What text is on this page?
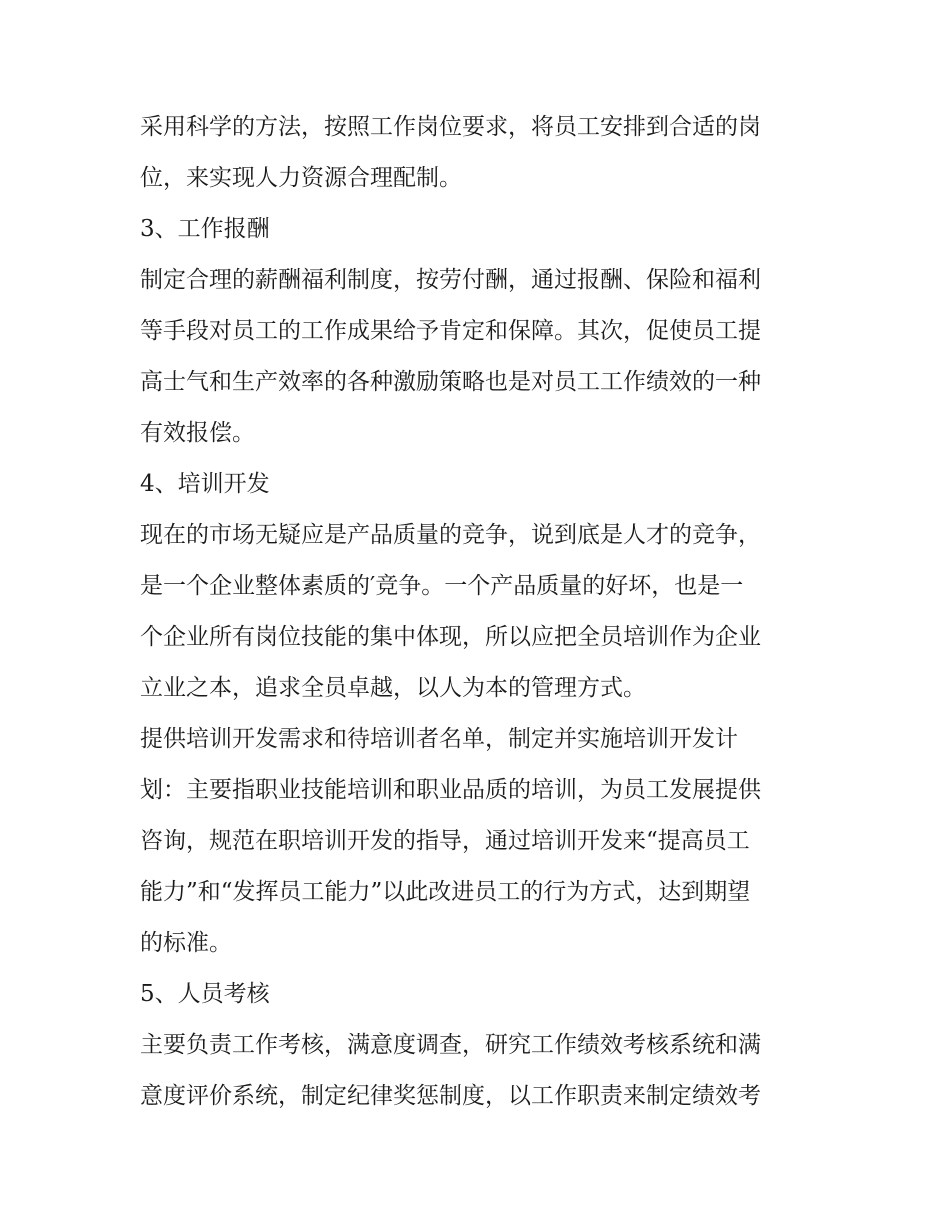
采用科学的方法，按照工作岗位要求，将员工安排到合适的岗
位，来实现人力资源合理配制。
3、工作报酬
制定合理的薪酬福利制度，按劳付酬，通过报酬、保险和福利
等手段对员工的工作成果给予肯定和保障。其次，促使员工提
高士气和生产效率的各种激励策略也是对员工工作绩效的一种
有效报偿。
4、培训开发
现在的市场无疑应是产品质量的竞争，说到底是人才的竞争，
是一个企业整体素质的′竞争。一个产品质量的好坏，也是一
个企业所有岗位技能的集中体现，所以应把全员培训作为企业
立业之本，追求全员卓越，以人为本的管理方式。
提供培训开发需求和待培训者名单，制定并实施培训开发计
划：主要指职业技能培训和职业品质的培训，为员工发展提供
咨询，规范在职培训开发的指导，通过培训开发来“提高员工
能力”和“发挥员工能力”以此改进员工的行为方式，达到期望
的标准。
5、人员考核
主要负责工作考核，满意度调查，研究工作绩效考核系统和满
意度评价系统，制定纪律奖惩制度，以工作职责来制定绩效考
